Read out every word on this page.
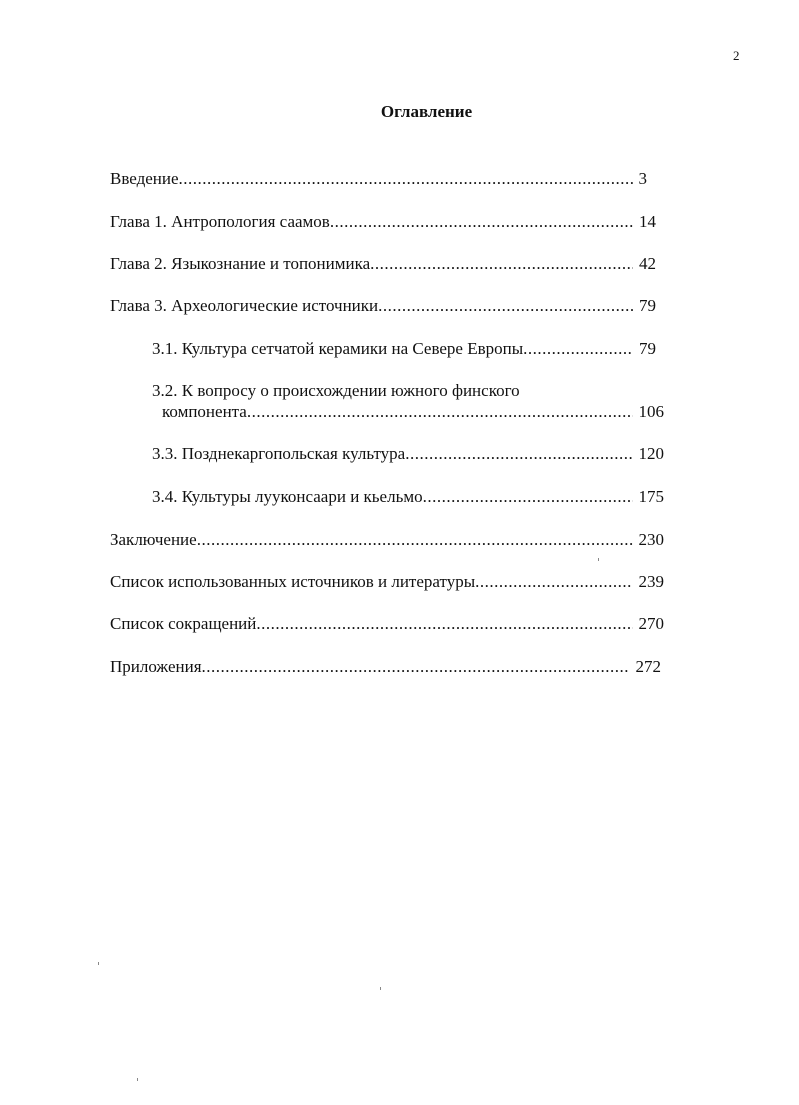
2
Оглавление
Введение .....	3
Глава 1. Антропология саамов .....	14
Глава 2. Языкознание и топонимика .....	42
Глава 3. Археологические источники .....	79
3.1. Культура сетчатой керамики на Севере Европы .....	79
3.2. К вопросу о происхождении южного финского
компонента .....	106
3.3. Позднекаргопольская культура .....	120
3.4. Культуры лууконсаари и кьельмо .....	175
Заключение .....	230
Список использованных источников и литературы .....	239
Список сокращений .....	270
Приложения .....	272
